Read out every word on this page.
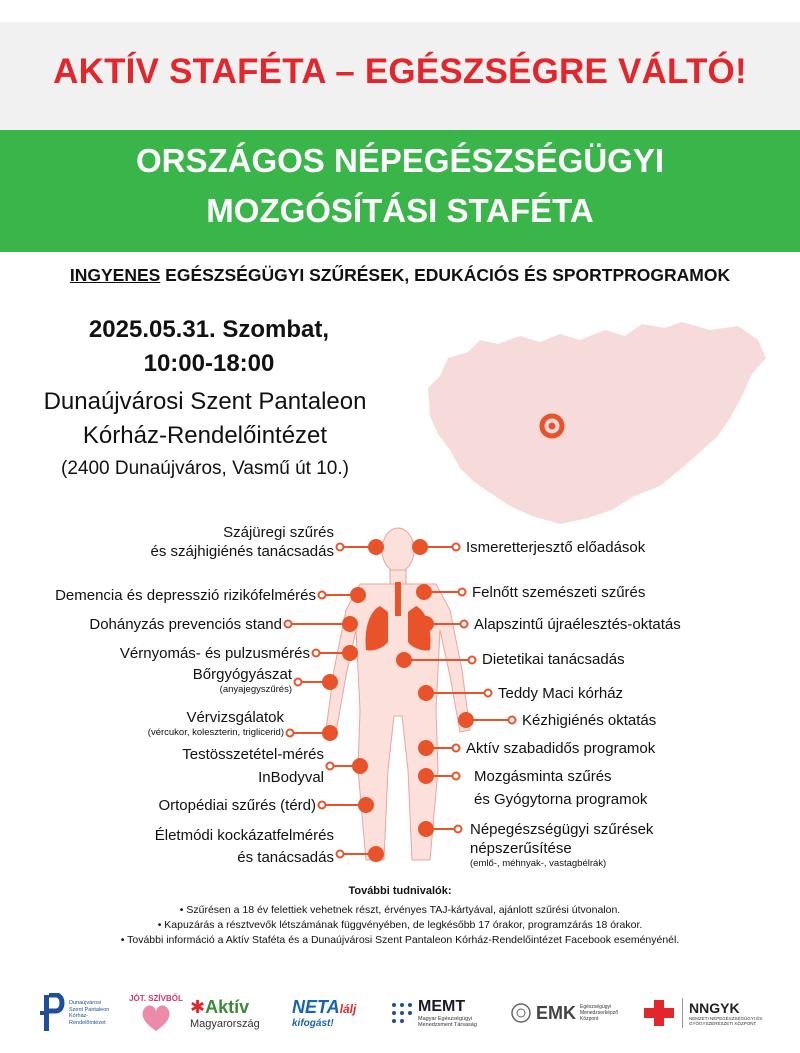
AKTÍV STAFÉTA – EGÉSZSÉGRE VÁLTÓ!
ORSZÁGOS NÉPEGÉSZSÉGÜGYI
MOZGÓSÍTÁSI STAFÉTA
INGYENES EGÉSZSÉGÜGYI SZŰRÉSEK, EDUKÁCIÓS ÉS SPORTPROGRAMOK
2025.05.31. Szombat,
10:00-18:00
Dunaújvárosi Szent Pantaleon
Kórház-Rendelőintézet
(2400 Dunaújváros, Vasmű út 10.)
Szájüregi szűrés
és szájhigiénés tanácsadás
Demencia és depresszió rizikófelmérés
Dohányzás prevenciós stand
Vérnyomás- és pulzusmérés
Bőrgyógyászat
(anyajegyszűrés)
Vérvizsgálatok
(vércukor, koleszterin, triglicerid)
Testösszetétel-mérés
InBodyval
Ortopédiai szűrés (térd)
Életmódi kockázatfelmérés
és tanácsadás
Ismeretterjesztő előadások
Felnőtt szemészeti szűrés
Alapszintű újraélesztés-oktatás
Dietetikai tanácsadás
Teddy Maci kórház
Kézhigiénés oktatás
Aktív szabadidős programok
Mozgásminta szűrés
és Gyógytorna programok
Népegészségügyi szűrések
népszerűsítése
(emlő-, méhnyak-, vastagbélrák)
További tudnivalók:
• Szűrésen a 18 év felettiek vehetnek részt, érvényes TAJ-kártyával, ajánlott szűrési útvonalon.
• Kapuzárás a résztvevők létszámának függvényében, de legkésőbb 17 órakor, programzárás 18 órakor.
• További információ a Aktív Staféta és a Dunaújvárosi Szent Pantaleon Kórház-Rendelőintézet Facebook eseményénél.
Dunaújvárosi Szent Pantaleon Kórház-Rendelőintézet
JÓT. SZÍVBŐL ✱Aktív
Magyarország
NETAlálj
kifogást!
MEMT
Magyar Egészségügyi Menedzsment Társaság
EMK Egészségügyi Menedzserképző Központ
NNGYK
NEMZETI NÉPEGÉSZSÉGÜGYI ÉS GYÓGYSZERÉSZETI KÖZPONT
